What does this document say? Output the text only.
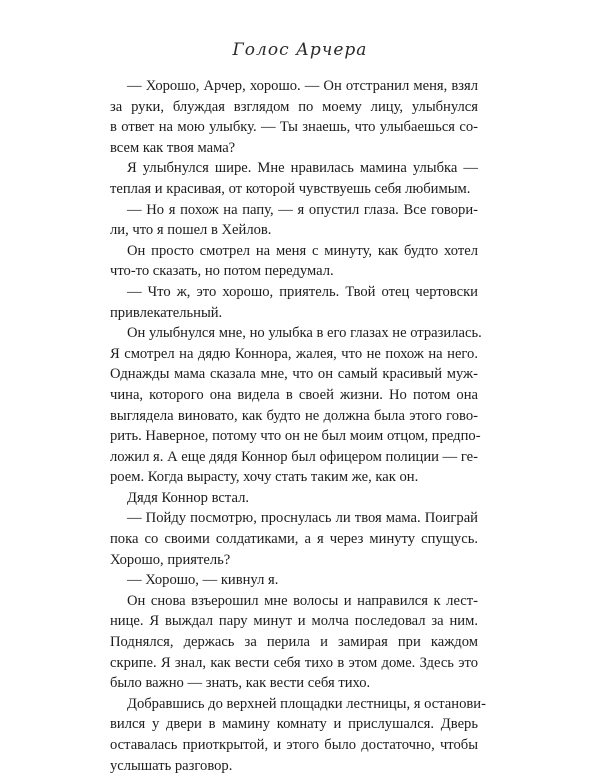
Голос Арчера

— Хорошо, Арчер, хорошо. — Он отстранил меня, взял
за руки, блуждая взглядом по моему лицу, улыбнулся
в ответ на мою улыбку. — Ты знаешь, что улыбаешься со-
всем как твоя мама?

Я улыбнулся шире. Мне нравилась мамина улыбка —
теплая и красивая, от которой чувствуешь себя любимым.

— Но я похож на папу, — я опустил глаза. Все говори-
ли, что я пошел в Хейлов.

Он просто смотрел на меня с минуту, как будто хотел
что-то сказать, но потом передумал.

— Что ж, это хорошо, приятель. Твой отец чертовски
привлекательный.

Он улыбнулся мне, но улыбка в его глазах не отразилась.
Я смотрел на дядю Коннора, жалея, что не похож на него.
Однажды мама сказала мне, что он самый красивый муж-
чина, которого она видела в своей жизни. Но потом она
выглядела виновато, как будто не должна была этого гово-
рить. Наверное, потому что он не был моим отцом, предпо-
ложил я. А еще дядя Коннор был офицером полиции — ге-
роем. Когда вырасту, хочу стать таким же, как он.

Дядя Коннор встал.

— Пойду посмотрю, проснулась ли твоя мама. Поиграй
пока со своими солдатиками, а я через минуту спущусь.
Хорошо, приятель?

— Хорошо, — кивнул я.

Он снова взъерошил мне волосы и направился к лест-
нице. Я выждал пару минут и молча последовал за ним.
Поднялся, держась за перила и замирая при каждом
скрипе. Я знал, как вести себя тихо в этом доме. Здесь это
было важно — знать, как вести себя тихо.

Добравшись до верхней площадки лестницы, я останови-
вился у двери в мамину комнату и прислушался. Дверь
оставалась приоткрытой, и этого было достаточно, чтобы
услышать разговор.
